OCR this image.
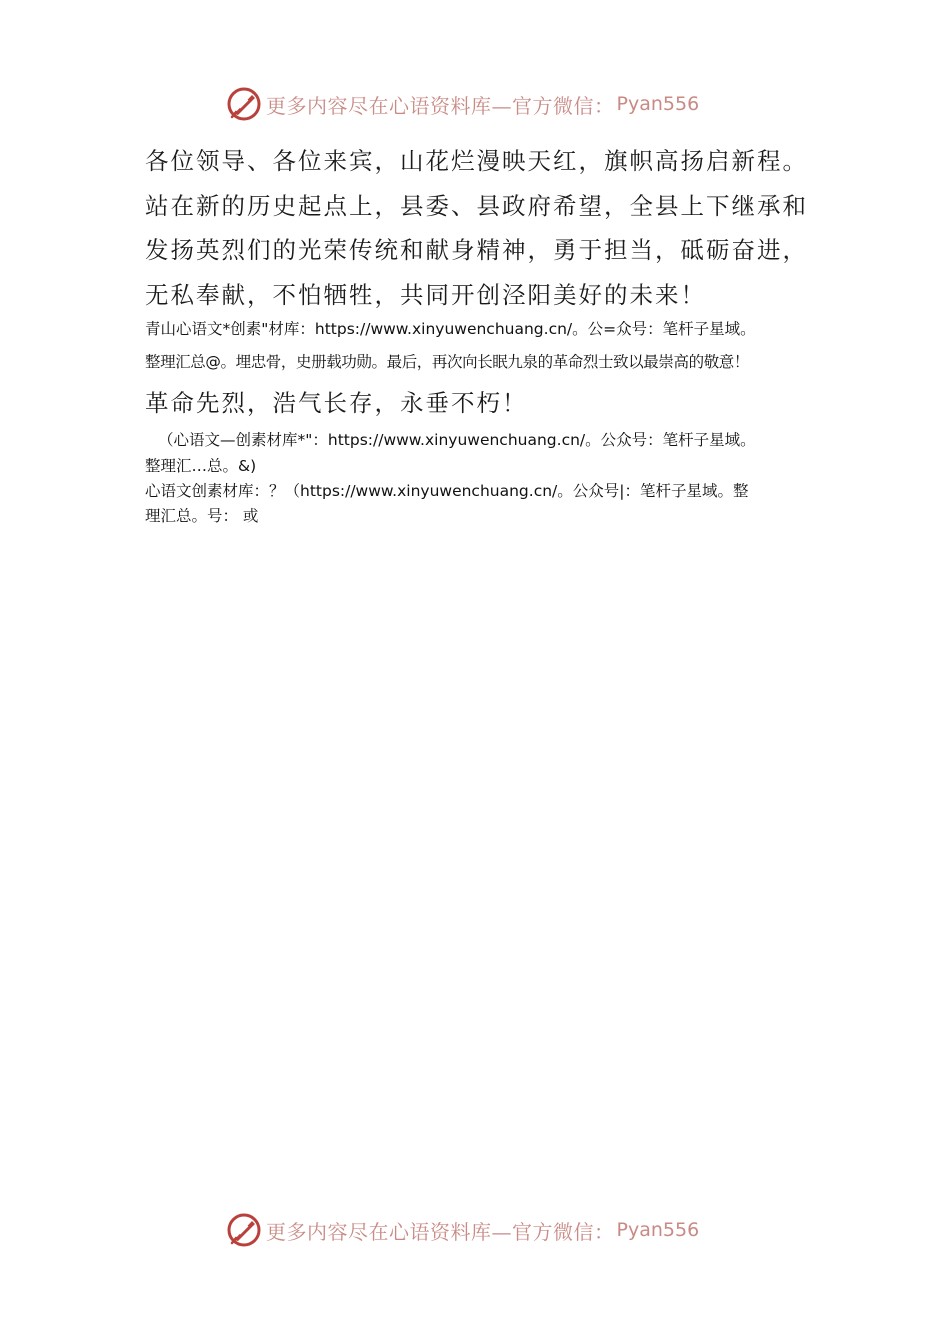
更多内容尽在心语资料库—官方微信： Pyan556
各位领导、各位来宾，山花烂漫映天红，旗帜高扬启新程。
站在新的历史起点上，县委、县政府希望，全县上下继承和
发扬英烈们的光荣传统和献身精神，勇于担当，砥砺奋进，
无私奉献，不怕牺牲，共同开创泾阳美好的未来！
青山心语文*创素"材库：https://www.xinyuwenchuang.cn/。公=众号：笔杆子星域。
整理汇总@。埋忠骨，史册载功勋。最后，再次向长眠九泉的革命烈士致以最崇高的敬意！
革命先烈，浩气长存，永垂不朽！
（心语文—创素材库*"：https://www.xinyuwenchuang.cn/。公众号：笔杆子星域。
整理汇…总。&)
心语文创素材库：？（https://www.xinyuwenchuang.cn/。公众号|：笔杆子星域。整
理汇总。号： 或
更多内容尽在心语资料库—官方微信： Pyan556
